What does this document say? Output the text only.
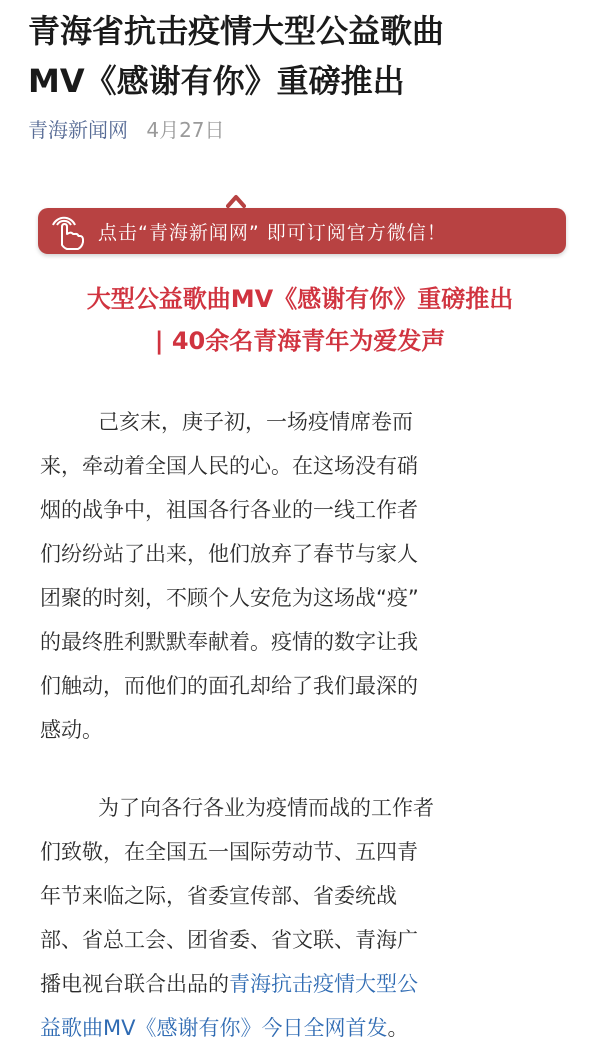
青海省抗击疫情大型公益歌曲
MV《感谢有你》重磅推出
青海新闻网 4月27日
点击“青海新闻网” 即可订阅官方微信！
大型公益歌曲MV《感谢有你》重磅推出
| 40余名青海青年为爱发声
己亥末，庚子初，一场疫情席卷而
来，牵动着全国人民的心。在这场没有硝
烟的战争中，祖国各行各业的一线工作者
们纷纷站了出来，他们放弃了春节与家人
团聚的时刻，不顾个人安危为这场战“疫”
的最终胜利默默奉献着。疫情的数字让我
们触动，而他们的面孔却给了我们最深的
感动。
为了向各行各业为疫情而战的工作者
们致敬，在全国五一国际劳动节、五四青
年节来临之际，省委宣传部、省委统战
部、省总工会、团省委、省文联、青海广
播电视台联合出品的青海抗击疫情大型公
益歌曲MV《感谢有你》今日全网首发。
